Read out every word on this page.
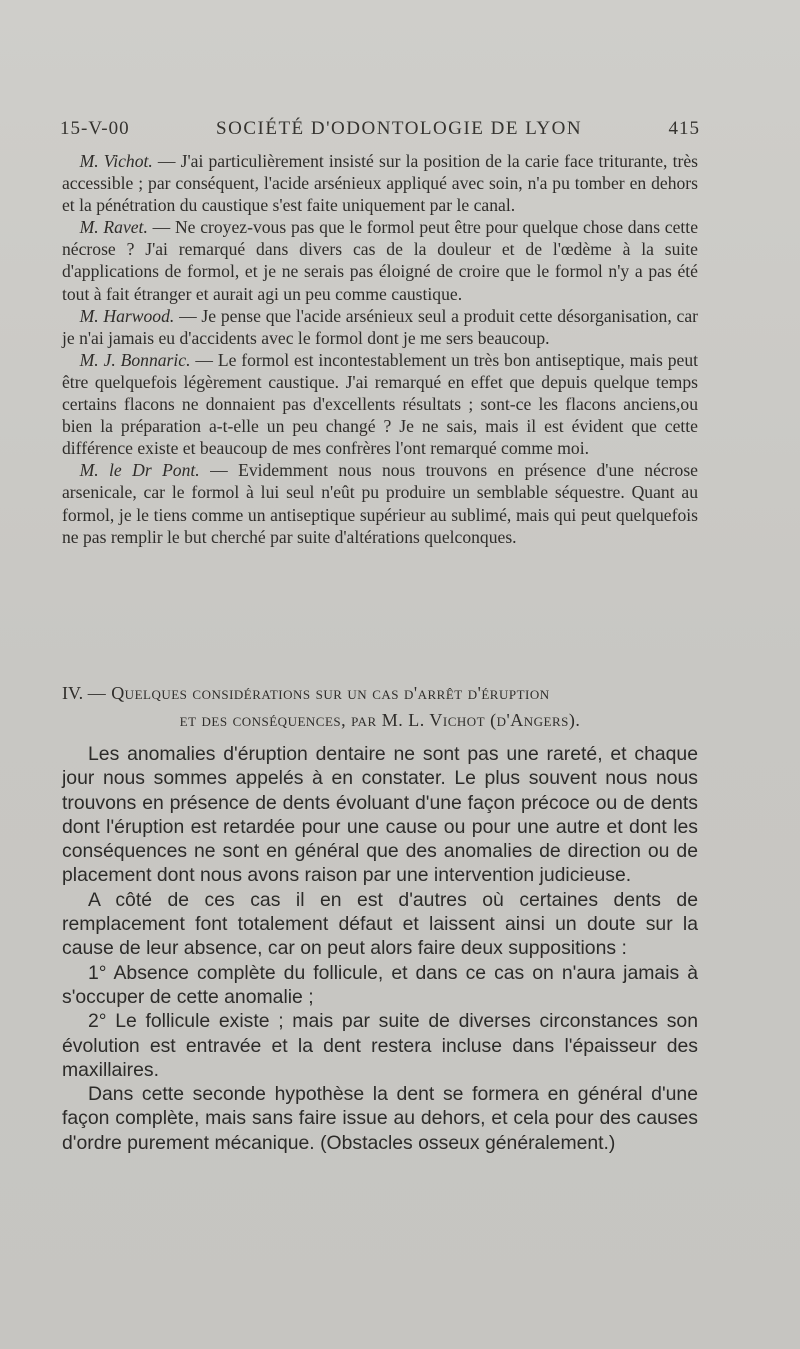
15-V-00	SOCIÉTÉ D'ODONTOLOGIE DE LYON	415

 M. Vichot. — J'ai particulièrement insisté sur la position de la carie face triturante, très accessible ; par conséquent, l'acide arsénieux appliqué avec soin, n'a pu tomber en dehors et la pénétration du caustique s'est faite uniquement par le canal.

 M. Ravet. — Ne croyez-vous pas que le formol peut être pour quelque chose dans cette nécrose ? J'ai remarqué dans divers cas de la douleur et de l'œdème à la suite d'applications de formol, et je ne serais pas éloigné de croire que le formol n'y a pas été tout à fait étranger et aurait agi un peu comme caustique.

 M. Harwood. — Je pense que l'acide arsénieux seul a produit cette désorganisation, car je n'ai jamais eu d'accidents avec le formol dont je me sers beaucoup.

 M. J. Bonnaric. — Le formol est incontestablement un très bon antiseptique, mais peut être quelquefois légèrement caustique. J'ai remarqué en effet que depuis quelque temps certains flacons ne donnaient pas d'excellents résultats ; sont-ce les flacons anciens,ou bien la préparation a-t-elle un peu changé ? Je ne sais, mais il est évident que cette différence existe et beaucoup de mes confrères l'ont remarqué comme moi.

 M. le Dr Pont. — Evidemment nous nous trouvons en présence d'une nécrose arsenicale, car le formol à lui seul n'eût pu produire un semblable séquestre. Quant au formol, je le tiens comme un antiseptique supérieur au sublimé, mais qui peut quelquefois ne pas remplir le but cherché par suite d'altérations quelconques.

IV. — Quelques considérations sur un cas d'arrêt d'éruption
et des conséquences, par M. L. Vichot (d'Angers).

Les anomalies d'éruption dentaire ne sont pas une rareté, et chaque jour nous sommes appelés à en constater. Le plus souvent nous nous trouvons en présence de dents évoluant d'une façon précoce ou de dents dont l'éruption est retardée pour une cause ou pour une autre et dont les conséquences ne sont en général que des anomalies de direction ou de placement dont nous avons raison par une intervention judicieuse.

A côté de ces cas il en est d'autres où certaines dents de remplacement font totalement défaut et laissent ainsi un doute sur la cause de leur absence, car on peut alors faire deux suppositions :

1° Absence complète du follicule, et dans ce cas on n'aura jamais à s'occuper de cette anomalie ;

2° Le follicule existe ; mais par suite de diverses circonstances son évolution est entravée et la dent restera incluse dans l'épaisseur des maxillaires.

Dans cette seconde hypothèse la dent se formera en général d'une façon complète, mais sans faire issue au dehors, et cela pour des causes d'ordre purement mécanique. (Obstacles osseux généralement.)
